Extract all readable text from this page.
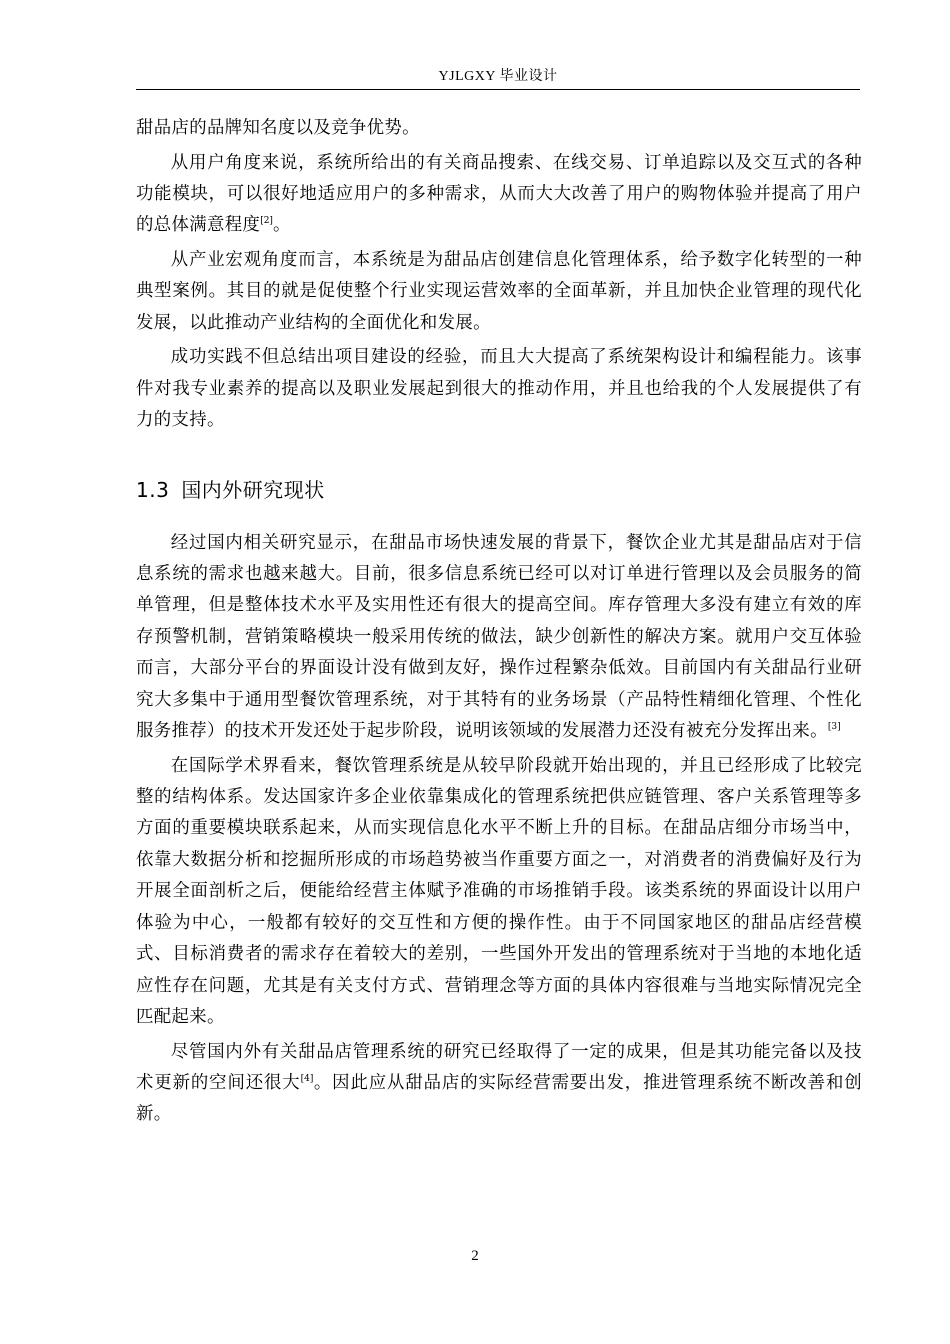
YJLGXY 毕业设计

甜品店的品牌知名度以及竞争优势。

从用户角度来说，系统所给出的有关商品搜索、在线交易、订单追踪以及交互式的各种功能模块，可以很好地适应用户的多种需求，从而大大改善了用户的购物体验并提高了用户的总体满意程度[2]。

从产业宏观角度而言，本系统是为甜品店创建信息化管理体系，给予数字化转型的一种典型案例。其目的就是促使整个行业实现运营效率的全面革新，并且加快企业管理的现代化发展，以此推动产业结构的全面优化和发展。

成功实践不但总结出项目建设的经验，而且大大提高了系统架构设计和编程能力。该事件对我专业素养的提高以及职业发展起到很大的推动作用，并且也给我的个人发展提供了有力的支持。

1.3 国内外研究现状

经过国内相关研究显示，在甜品市场快速发展的背景下，餐饮企业尤其是甜品店对于信息系统的需求也越来越大。目前，很多信息系统已经可以对订单进行管理以及会员服务的简单管理，但是整体技术水平及实用性还有很大的提高空间。库存管理大多没有建立有效的库存预警机制，营销策略模块一般采用传统的做法，缺少创新性的解决方案。就用户交互体验而言，大部分平台的界面设计没有做到友好，操作过程繁杂低效。目前国内有关甜品行业研究大多集中于通用型餐饮管理系统，对于其特有的业务场景（产品特性精细化管理、个性化服务推荐）的技术开发还处于起步阶段，说明该领域的发展潜力还没有被充分发挥出来。[3]

在国际学术界看来，餐饮管理系统是从较早阶段就开始出现的，并且已经形成了比较完整的结构体系。发达国家许多企业依靠集成化的管理系统把供应链管理、客户关系管理等多方面的重要模块联系起来，从而实现信息化水平不断上升的目标。在甜品店细分市场当中，依靠大数据分析和挖掘所形成的市场趋势被当作重要方面之一，对消费者的消费偏好及行为开展全面剖析之后，便能给经营主体赋予准确的市场推销手段。该类系统的界面设计以用户体验为中心，一般都有较好的交互性和方便的操作性。由于不同国家地区的甜品店经营模式、目标消费者的需求存在着较大的差别，一些国外开发出的管理系统对于当地的本地化适应性存在问题，尤其是有关支付方式、营销理念等方面的具体内容很难与当地实际情况完全匹配起来。

尽管国内外有关甜品店管理系统的研究已经取得了一定的成果，但是其功能完备以及技术更新的空间还很大[4]。因此应从甜品店的实际经营需要出发，推进管理系统不断改善和创新。

2
